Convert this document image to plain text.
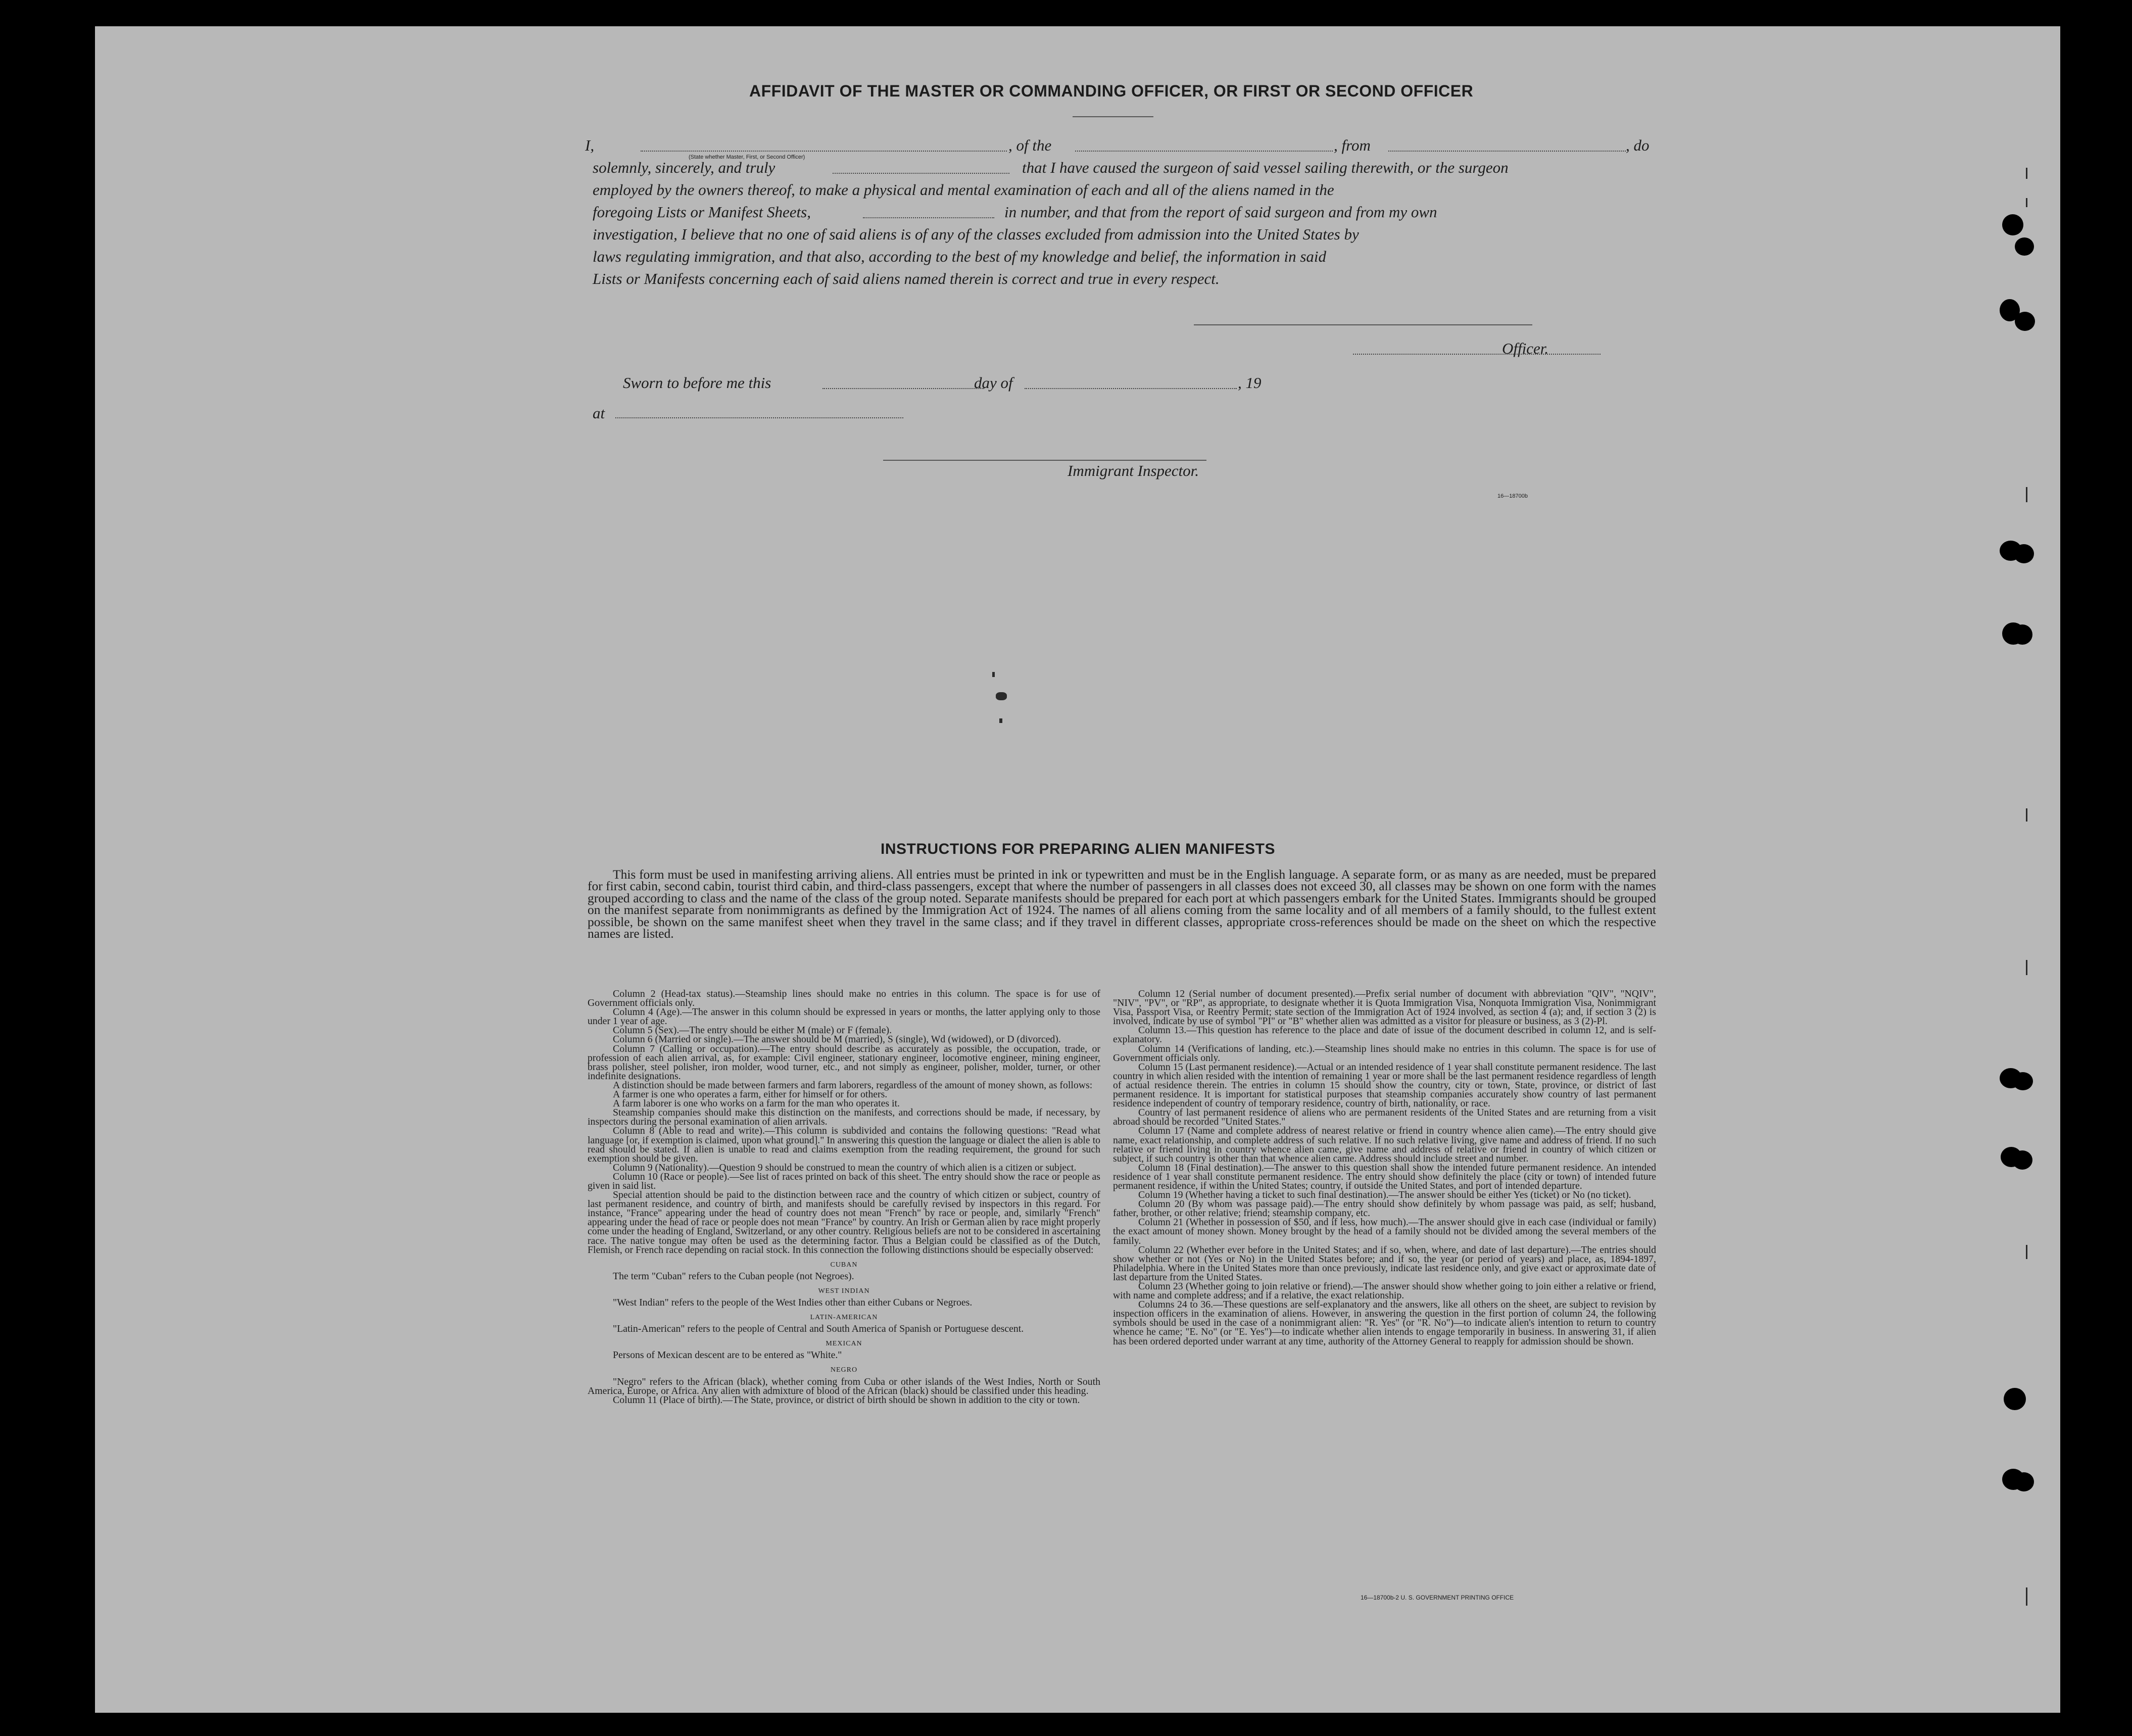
AFFIDAVIT OF THE MASTER OR COMMANDING OFFICER, OR FIRST OR SECOND OFFICER
I,
(State whether Master, First, or Second Officer)
, of the	, from	, do
solemnly, sincerely, and truly	that I have caused the surgeon of said vessel sailing therewith, or the surgeon
employed by the owners thereof, to make a physical and mental examination of each and all of the aliens named in the
foregoing Lists or Manifest Sheets,	in number, and that from the report of said surgeon and from my own
investigation, I believe that no one of said aliens is of any of the classes excluded from admission into the United States by
laws regulating immigration, and that also, according to the best of my knowledge and belief, the information in said
Lists or Manifests concerning each of said aliens named therein is correct and true in every respect.
Officer.
Sworn to before me this	day of	, 19
at
Immigrant Inspector.
16—18700b
INSTRUCTIONS FOR PREPARING ALIEN MANIFESTS
This form must be used in manifesting arriving aliens. All entries must be printed in ink or typewritten and must be in the English language. A separate form, or as many as are needed, must be prepared for first cabin, second cabin, tourist third cabin, and third-class passengers, except that where the number of passengers in all classes does not exceed 30, all classes may be shown on one form with the names grouped according to class and the name of the class of the group noted. Separate manifests should be prepared for each port at which passengers embark for the United States. Immigrants should be grouped on the manifest separate from nonimmigrants as defined by the Immigration Act of 1924. The names of all aliens coming from the same locality and of all members of a family should, to the fullest extent possible, be shown on the same manifest sheet when they travel in the same class; and if they travel in different classes, appropriate cross-references should be made on the sheet on which the respective names are listed.

Column 2 (Head-tax status).—Steamship lines should make no entries in this column. The space is for use of Government officials only.

Column 4 (Age).—The answer in this column should be expressed in years or months, the latter applying only to those under 1 year of age.

Column 5 (Sex).—The entry should be either M (male) or F (female).

Column 6 (Married or single).—The answer should be M (married), S (single), Wd (widowed), or D (divorced).

Column 7 (Calling or occupation).—The entry should describe as accurately as possible, the occupation, trade, or profession of each alien arrival, as, for example: Civil engineer, stationary engineer, locomotive engineer, mining engineer, brass polisher, steel polisher, iron molder, wood turner, etc., and not simply as engineer, polisher, molder, turner, or other indefinite designations.

A distinction should be made between farmers and farm laborers, regardless of the amount of money shown, as follows:

A farmer is one who operates a farm, either for himself or for others.

A farm laborer is one who works on a farm for the man who operates it.

Steamship companies should make this distinction on the manifests, and corrections should be made, if necessary, by inspectors during the personal examination of alien arrivals.

Column 8 (Able to read and write).—This column is subdivided and contains the following questions: "Read what language [or, if exemption is claimed, upon what ground]." In answering this question the language or dialect the alien is able to read should be stated. If alien is unable to read and claims exemption from the reading requirement, the ground for such exemption should be given.

Column 9 (Nationality).—Question 9 should be construed to mean the country of which alien is a citizen or subject.

Column 10 (Race or people).—See list of races printed on back of this sheet. The entry should show the race or people as given in said list.

Special attention should be paid to the distinction between race and the country of which citizen or subject, country of last permanent residence, and country of birth, and manifests should be carefully revised by inspectors in this regard. For instance, "France" appearing under the head of country does not mean "French" by race or people, and, similarly "French" appearing under the head of race or people does not mean "France" by country. An Irish or German alien by race might properly come under the heading of England, Switzerland, or any other country. Religious beliefs are not to be considered in ascertaining race. The native tongue may often be used as the determining factor. Thus a Belgian could be classified as of the Dutch, Flemish, or French race depending on racial stock. In this connection the following distinctions should be especially observed:

CUBAN

The term "Cuban" refers to the Cuban people (not Negroes).

WEST INDIAN

"West Indian" refers to the people of the West Indies other than either Cubans or Negroes.

LATIN-AMERICAN

"Latin-American" refers to the people of Central and South America of Spanish or Portuguese descent.

MEXICAN

Persons of Mexican descent are to be entered as "White."

NEGRO

"Negro" refers to the African (black), whether coming from Cuba or other islands of the West Indies, North or South America, Europe, or Africa. Any alien with admixture of blood of the African (black) should be classified under this heading.

Column 11 (Place of birth).—The State, province, or district of birth should be shown in addition to the city or town.

Column 12 (Serial number of document presented).—Prefix serial number of document with abbreviation "QIV", "NQIV", "NIV", "PV", or "RP", as appropriate, to designate whether it is Quota Immigration Visa, Nonquota Immigration Visa, Nonimmigrant Visa, Passport Visa, or Reentry Permit; state section of the Immigration Act of 1924 involved, as section 4 (a); and, if section 3 (2) is involved, indicate by use of symbol "PI" or "B" whether alien was admitted as a visitor for pleasure or business, as 3 (2)-Pl.

Column 13.—This question has reference to the place and date of issue of the document described in column 12, and is self-explanatory.

Column 14 (Verifications of landing, etc.).—Steamship lines should make no entries in this column. The space is for use of Government officials only.

Column 15 (Last permanent residence).—Actual or an intended residence of 1 year shall constitute permanent residence. The last country in which alien resided with the intention of remaining 1 year or more shall be the last permanent residence regardless of length of actual residence therein. The entries in column 15 should show the country, city or town, State, province, or district of last permanent residence. It is important for statistical purposes that steamship companies accurately show country of last permanent residence independent of country of temporary residence, country of birth, nationality, or race.

Country of last permanent residence of aliens who are permanent residents of the United States and are returning from a visit abroad should be recorded "United States."

Column 17 (Name and complete address of nearest relative or friend in country whence alien came).—The entry should give name, exact relationship, and complete address of such relative. If no such relative living, give name and address of friend. If no such relative or friend living in country whence alien came, give name and address of relative or friend in country of which citizen or subject, if such country is other than that whence alien came. Address should include street and number.

Column 18 (Final destination).—The answer to this question shall show the intended future permanent residence. An intended residence of 1 year shall constitute permanent residence. The entry should show definitely the place (city or town) of intended future permanent residence, if within the United States; country, if outside the United States, and port of intended departure.

Column 19 (Whether having a ticket to such final destination).—The answer should be either Yes (ticket) or No (no ticket).

Column 20 (By whom was passage paid).—The entry should show definitely by whom passage was paid, as self; husband, father, brother, or other relative; friend; steamship company, etc.

Column 21 (Whether in possession of $50, and if less, how much).—The answer should give in each case (individual or family) the exact amount of money shown. Money brought by the head of a family should not be divided among the several members of the family.

Column 22 (Whether ever before in the United States; and if so, when, where, and date of last departure).—The entries should show whether or not (Yes or No) in the United States before; and if so, the year (or period of years) and place, as, 1894-1897, Philadelphia. Where in the United States more than once previously, indicate last residence only, and give exact or approximate date of last departure from the United States.

Column 23 (Whether going to join relative or friend).—The answer should show whether going to join either a relative or friend, with name and complete address; and if a relative, the exact relationship.

Columns 24 to 36.—These questions are self-explanatory and the answers, like all others on the sheet, are subject to revision by inspection officers in the examination of aliens. However, in answering the question in the first portion of column 24, the following symbols should be used in the case of a nonimmigrant alien: "R. Yes" (or "R. No")—to indicate alien's intention to return to country whence he came; "E. No" (or "E. Yes")—to indicate whether alien intends to engage temporarily in business. In answering 31, if alien has been ordered deported under warrant at any time, authority of the Attorney General to reapply for admission should be shown.

16—18700b-2 U. S. GOVERNMENT PRINTING OFFICE
